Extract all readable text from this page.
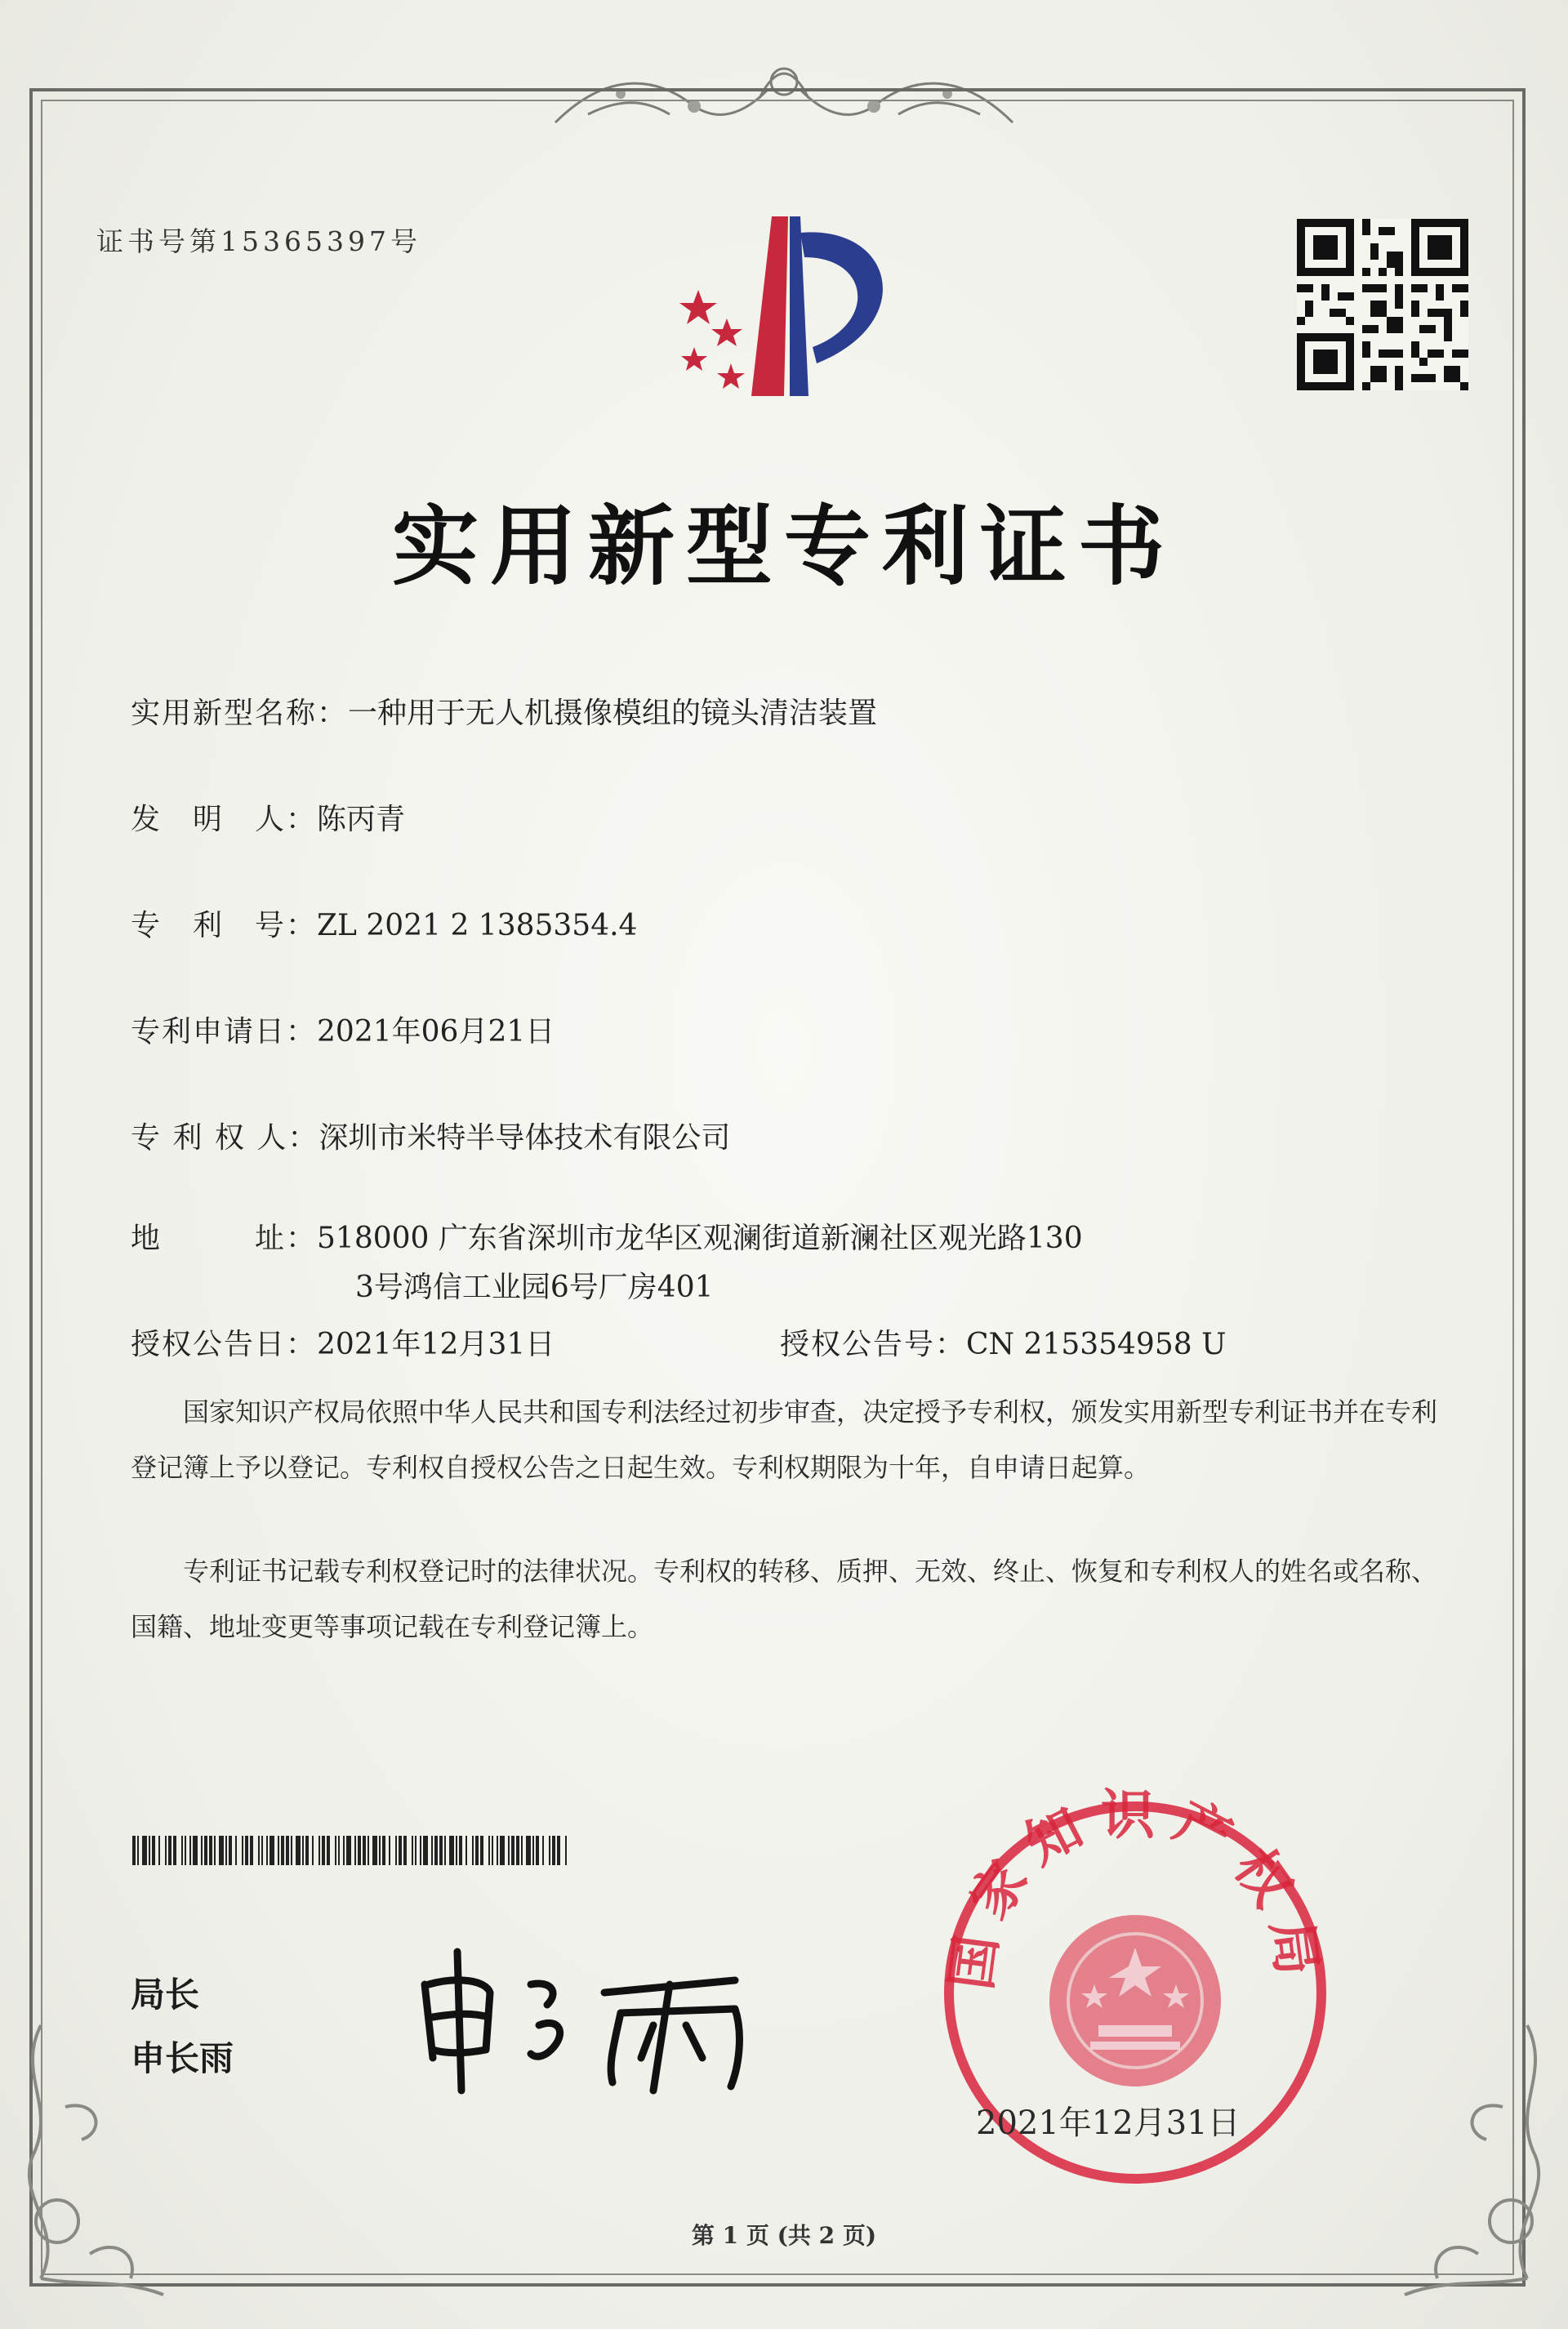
证书号第15365397号
实用新型专利证书
实用新型名称：一种用于无人机摄像模组的镜头清洁装置
发　明　人：陈丙青
专　利　号：ZL 2021 2 1385354.4
专利申请日：2021年06月21日
专 利 权 人：深圳市米特半导体技术有限公司
地　　　址：518000 广东省深圳市龙华区观澜街道新澜社区观光路130
3号鸿信工业园6号厂房401
授权公告日：2021年12月31日	授权公告号：CN 215354958 U
　　国家知识产权局依照中华人民共和国专利法经过初步审查，决定授予专利权，颁发实用新型专利证书并在专利登记簿上予以登记。专利权自授权公告之日起生效。专利权期限为十年，自申请日起算。
　　专利证书记载专利权登记时的法律状况。专利权的转移、质押、无效、终止、恢复和专利权人的姓名或名称、国籍、地址变更等事项记载在专利登记簿上。
局长
申长雨
国家知识产权局
2021年12月31日
第 1 页 (共 2 页)
